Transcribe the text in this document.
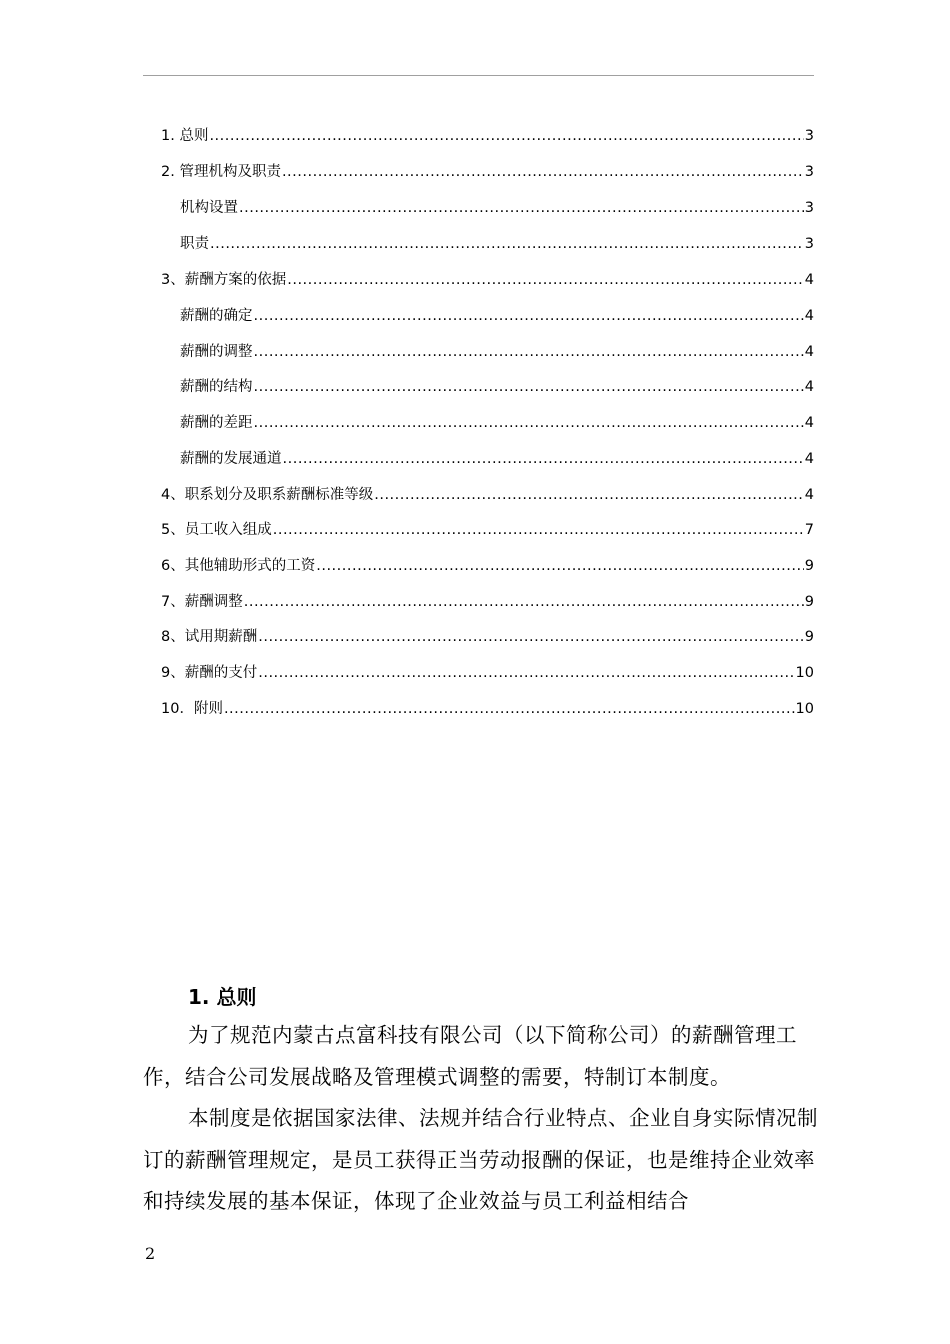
1. 总则 .....	3
2. 管理机构及职责 .....	3
机构设置 .....	3
职责 .....	3
3、薪酬方案的依据 .....	4
薪酬的确定 .....	4
薪酬的调整 .....	4
薪酬的结构 .....	4
薪酬的差距 .....	4
薪酬的发展通道 .....	4
4、职系划分及职系薪酬标准等级 .....	4
5、员工收入组成 .....	7
6、其他辅助形式的工资 .....	9
7、薪酬调整 .....	9
8、试用期薪酬 .....	9
9、薪酬的支付 .....	10
10．附则 .....	10
1. 总则

为了规范内蒙古点富科技有限公司（以下简称公司）的薪酬管理工作，结合公司发展战略及管理模式调整的需要，特制订本制度。

本制度是依据国家法律、法规并结合行业特点、企业自身实际情况制订的薪酬管理规定，是员工获得正当劳动报酬的保证，也是维持企业效率和持续发展的基本保证，体现了企业效益与员工利益相结合

2
